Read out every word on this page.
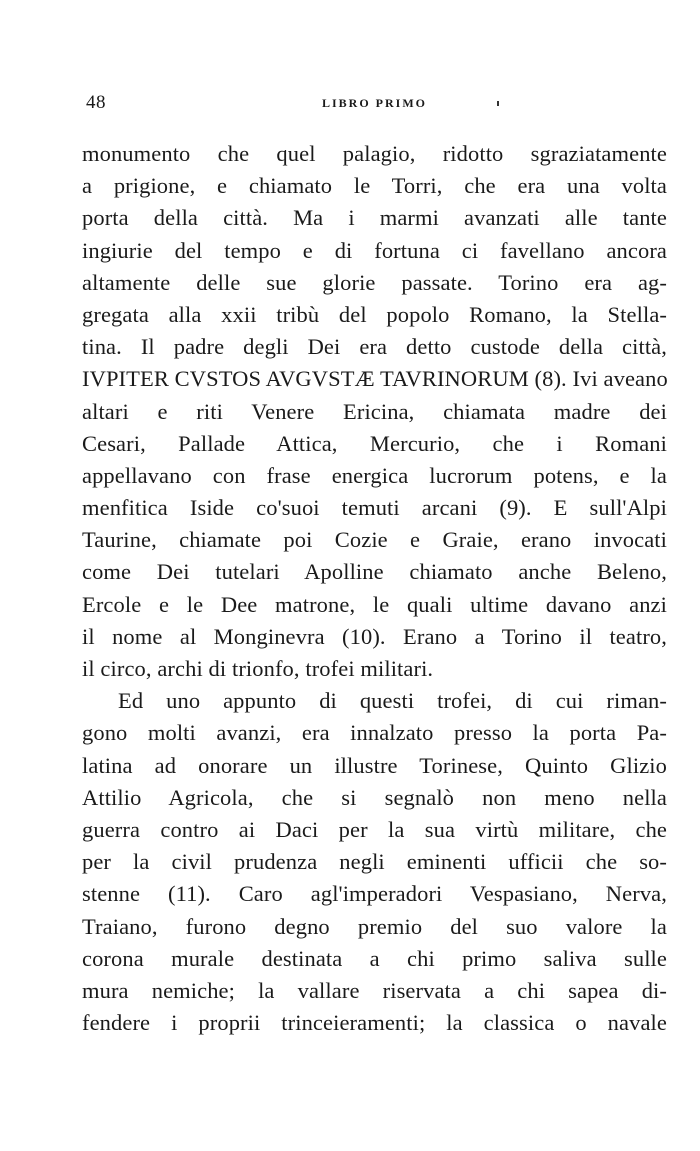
48	LIBRO PRIMO
monumento che quel palagio, ridotto sgraziatamente
a prigione, e chiamato le Torri, che era una volta
porta della città. Ma i marmi avanzati alle tante
ingiurie del tempo e di fortuna ci favellano ancora
altamente delle sue glorie passate. Torino era ag-
gregata alla xxii tribù del popolo Romano, la Stella-
tina. Il padre degli Dei era detto custode della città,
IVPITER CVSTOS AVGVSTÆ TAVRINORUM (8). Ivi aveano
altari e riti Venere Ericina, chiamata madre dei
Cesari, Pallade Attica, Mercurio, che i Romani
appellavano con frase energica lucrorum potens, e la
menfitica Iside co'suoi temuti arcani (9). E sull'Alpi
Taurine, chiamate poi Cozie e Graie, erano invocati
come Dei tutelari Apolline chiamato anche Beleno,
Ercole e le Dee matrone, le quali ultime davano anzi
il nome al Monginevra (10). Erano a Torino il teatro,
il circo, archi di trionfo, trofei militari.
Ed uno appunto di questi trofei, di cui riman-
gono molti avanzi, era innalzato presso la porta Pa-
latina ad onorare un illustre Torinese, Quinto Glizio
Attilio Agricola, che si segnalò non meno nella
guerra contro ai Daci per la sua virtù militare, che
per la civil prudenza negli eminenti ufficii che so-
stenne (11). Caro agl'imperadori Vespasiano, Nerva,
Traiano, furono degno premio del suo valore la
corona murale destinata a chi primo saliva sulle
mura nemiche; la vallare riservata a chi sapea di-
fendere i proprii trinceieramenti; la classica o navale
